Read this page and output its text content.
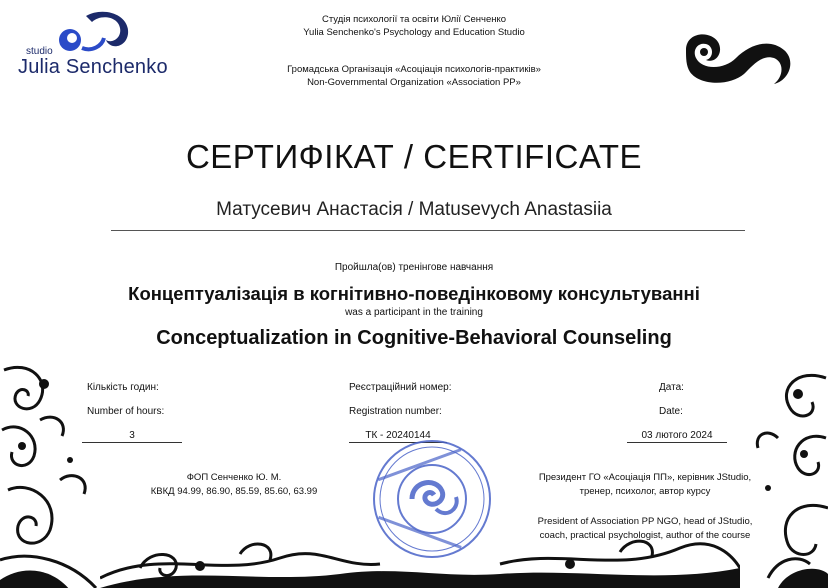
studio
Julia Senchenko
Студія психології та освіти Юлії Сенченко
Yulia Senchenko's Psychology and Education Studio
Громадська Організація «Асоціація психологів-практиків»
Non-Governmental Organization «Association PP»
СЕРТИФІКАТ / CERTIFICATE
Матусевич Анастасія / Matusevych Anastasiia
Пройшла(ов) тренінгове навчання
Концептуалізація в когнітивно-поведінковому консультуванні
was a participant in the training
Conceptualization in Cognitive-Behavioral Counseling
Кількість годин:
Number of hours:
3
Реєстраційний номер:
Registration number:
ТК - 20240144
Дата:
Date:
03 лютого 2024
ФОП Сенченко Ю. М.
КВКД 94.99, 86.90, 85.59, 85.60, 63.99
Президент ГО «Асоціація ПП», керівник JStudio,
тренер, психолог, автор курсу
President of Association PP NGO, head of JStudio,
coach, practical psychologist, author of the course
